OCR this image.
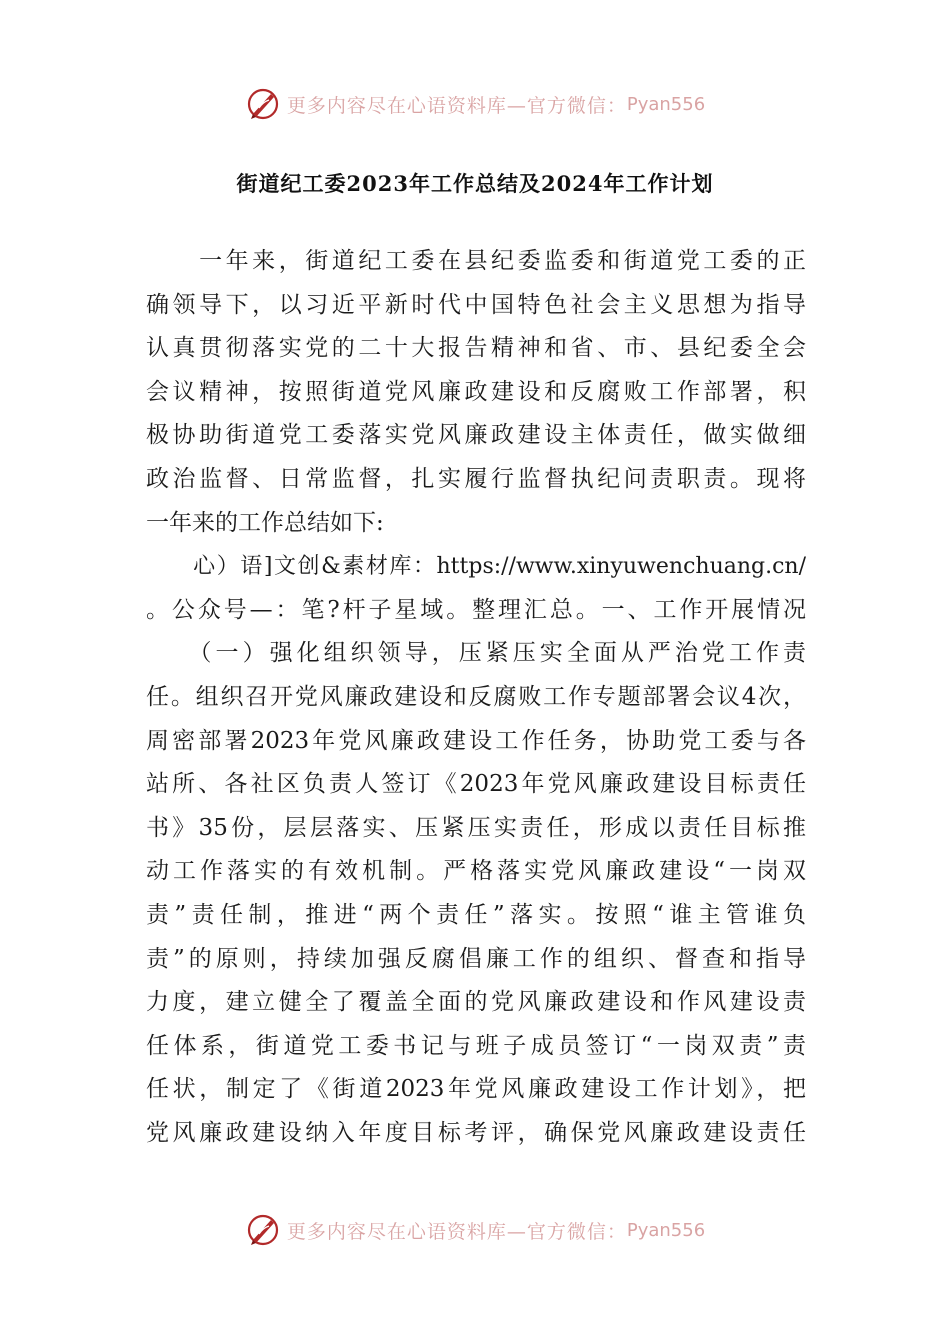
更多内容尽在心语资料库—官方微信： Pyan556
街道纪工委2023年工作总结及2024年工作计划
　　一年来，街道纪工委在县纪委监委和街道党工委的正
确领导下，以习近平新时代中国特色社会主义思想为指导
认真贯彻落实党的二十大报告精神和省、市、县纪委全会
会议精神，按照街道党风廉政建设和反腐败工作部署，积
极协助街道党工委落实党风廉政建设主体责任，做实做细
政治监督、日常监督，扎实履行监督执纪问责职责。现将
一年来的工作总结如下:
　　心）语]文创&素材库：https://www.xinyuwenchuang.cn/
。公众号—：笔?杆子星域。整理汇总。一、工作开展情况
　　（一）强化组织领导，压紧压实全面从严治党工作责
任。组织召开党风廉政建设和反腐败工作专题部署会议4次，
周密部署2023年党风廉政建设工作任务，协助党工委与各
站所、各社区负责人签订《2023年党风廉政建设目标责任
书》35份，层层落实、压紧压实责任，形成以责任目标推
动工作落实的有效机制。严格落实党风廉政建设“一岗双
责”责任制，推进“两个责任”落实。按照“谁主管谁负
责”的原则，持续加强反腐倡廉工作的组织、督查和指导
力度，建立健全了覆盖全面的党风廉政建设和作风建设责
任体系，街道党工委书记与班子成员签订“一岗双责”责
任状，制定了《街道2023年党风廉政建设工作计划》，把
党风廉政建设纳入年度目标考评，确保党风廉政建设责任
更多内容尽在心语资料库—官方微信： Pyan556
